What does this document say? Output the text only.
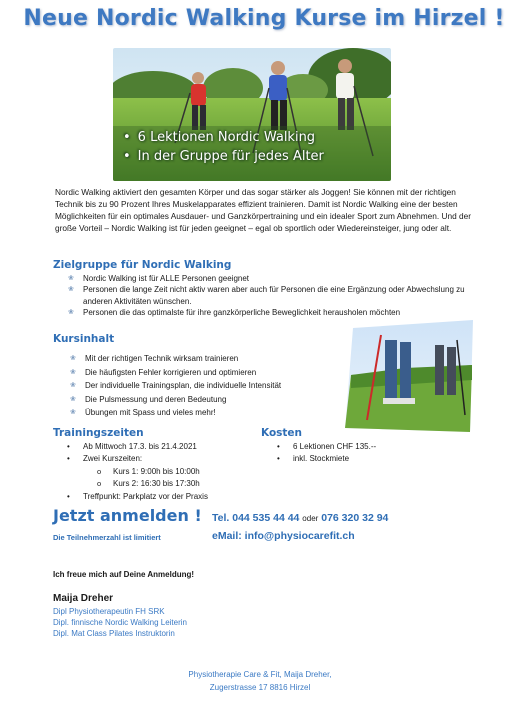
Neue Nordic Walking Kurse im Hirzel !
• 6 Lektionen Nordic Walking
• In der Gruppe für jedes Alter
Nordic Walking aktiviert den gesamten Körper und das sogar stärker als Joggen! Sie können mit der richtigen Technik bis zu 90 Prozent Ihres Muskelapparates effizient trainieren. Damit ist Nordic Walking eine der besten Möglichkeiten für ein optimales Ausdauer- und Ganzkörpertraining und ein idealer Sport zum Abnehmen. Und der große Vorteil – Nordic Walking ist für jeden geeignet – egal ob sportlich oder Wiedereinsteiger, jung oder alt.
Zielgruppe für Nordic Walking
❀ Nordic Walking ist für ALLE Personen geeignet
❀ Personen die lange Zeit nicht aktiv waren aber auch für Personen die eine Ergänzung oder Abwechslung zu anderen Aktivitäten wünschen.
❀ Personen die das optimalste für ihre ganzkörperliche Beweglichkeit herausholen möchten
Kursinhalt
❀ Mit der richtigen Technik wirksam trainieren
❀ Die häufigsten Fehler korrigieren und optimieren
❀ Der individuelle Trainingsplan, die individuelle Intensität
❀ Die Pulsmessung und deren Bedeutung
❀ Übungen mit Spass und vieles mehr!
Trainingszeiten
• Ab Mittwoch 17.3. bis 21.4.2021
• Zwei Kurszeiten:
o Kurs 1: 9:00h bis 10:00h
o Kurs 2: 16:30 bis 17:30h
• Treffpunkt: Parkplatz vor der Praxis
Kosten
• 6 Lektionen CHF 135.--
• inkl. Stockmiete
Jetzt anmelden !
Die Teilnehmerzahl ist limitiert
Tel. 044 535 44 44 oder 076 320 32 94
eMail: info@physiocarefit.ch
Ich freue mich auf Deine Anmeldung!
Maija Dreher
Dipl Physiotherapeutin FH SRK
Dipl. finnische Nordic Walking Leiterin
Dipl. Mat Class Pilates Instruktorin
Physiotherapie Care & Fit, Maija Dreher,
Zugerstrasse 17 8816 Hirzel
